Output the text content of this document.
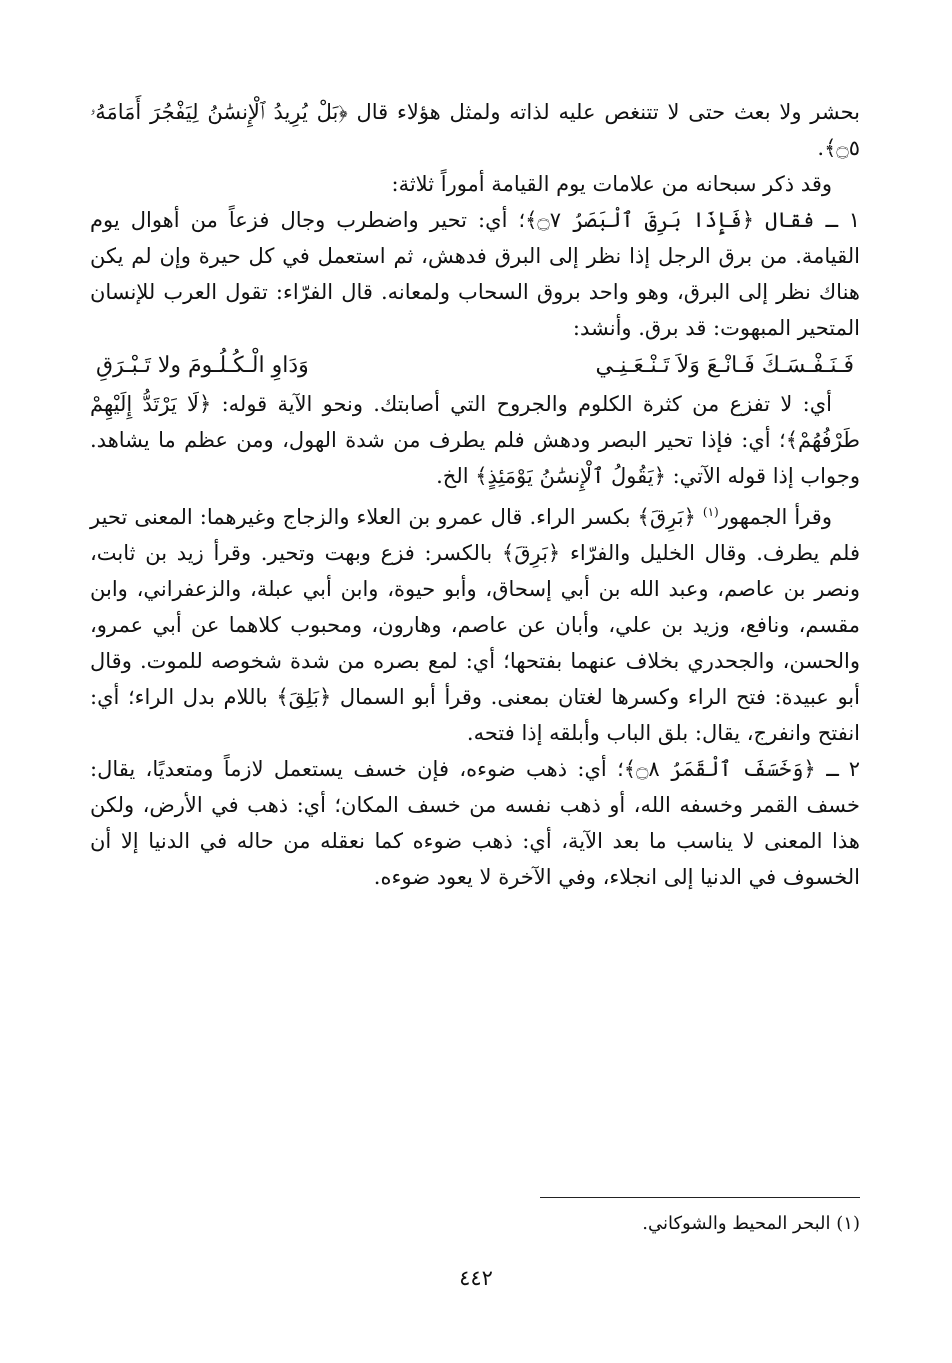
بحشر ولا بعث حتى لا تتنغص عليه لذاته ولمثل هؤلاء قال ﴿بَلْ يُرِيدُ ٱلْإِنسَٰنُ لِيَفْجُرَ أَمَامَهُۥ ۝٥﴾.

وقد ذكر سبحانه من علامات يوم القيامة أموراً ثلاثة:

١ ـ فقال ﴿فَإِذَا بَرِقَ ٱلْبَصَرُ ۝٧﴾؛ أي: تحير واضطرب وجال فزعاً من أهوال يوم القيامة. من برق الرجل إذا نظر إلى البرق فدهش، ثم استعمل في كل حيرة وإن لم يكن هناك نظر إلى البرق، وهو واحد بروق السحاب ولمعانه. قال الفرّاء: تقول العرب للإنسان المتحير المبهوت: قد برق. وأنشد:

فَـنَـفْـسَـكَ فَـانْـعَ وَلاَ تَـنْـعَـنِـي
وَدَاوِ الْـكُـلُـومَ ولا تَـبْـرَقِ

أي: لا تفزع من كثرة الكلوم والجروح التي أصابتك. ونحو الآية قوله: ﴿لَا يَرْتَدُّ إِلَيْهِمْ طَرْفُهُمْ﴾؛ أي: فإذا تحير البصر ودهش فلم يطرف من شدة الهول، ومن عظم ما يشاهد. وجواب إذا قوله الآتي: ﴿يَقُولُ ٱلْإِنسَٰنُ يَوْمَئِذٍ﴾ الخ.

وقرأ الجمهور$^{(١)}$ ﴿بَرِقَ﴾ بكسر الراء. قال عمرو بن العلاء والزجاج وغيرهما: المعنى تحير فلم يطرف. وقال الخليل والفرّاء ﴿بَرِقَ﴾ بالكسر: فزع وبهت وتحير. وقرأ زيد بن ثابت، ونصر بن عاصم، وعبد الله بن أبي إسحاق، وأبو حيوة، وابن أبي عبلة، والزعفراني، وابن مقسم، ونافع، وزيد بن علي، وأبان عن عاصم، وهارون، ومحبوب كلاهما عن أبي عمرو، والحسن، والجحدري بخلاف عنهما بفتحها؛ أي: لمع بصره من شدة شخوصه للموت. وقال أبو عبيدة: فتح الراء وكسرها لغتان بمعنى. وقرأ أبو السمال ﴿بَلِقَ﴾ باللام بدل الراء؛ أي: انفتح وانفرج، يقال: بلق الباب وأبلقه إذا فتحه.

٢ ـ ﴿وَخَسَفَ ٱلْقَمَرُ ۝٨﴾؛ أي: ذهب ضوءه، فإن خسف يستعمل لازماً ومتعديًا، يقال: خسف القمر وخسفه الله، أو ذهب نفسه من خسف المكان؛ أي: ذهب في الأرض، ولكن هذا المعنى لا يناسب ما بعد الآية، أي: ذهب ضوءه كما نعقله من حاله في الدنيا إلا أن الخسوف في الدنيا إلى انجلاء، وفي الآخرة لا يعود ضوءه.

(١) البحر المحيط والشوكاني.
٤٤٢
